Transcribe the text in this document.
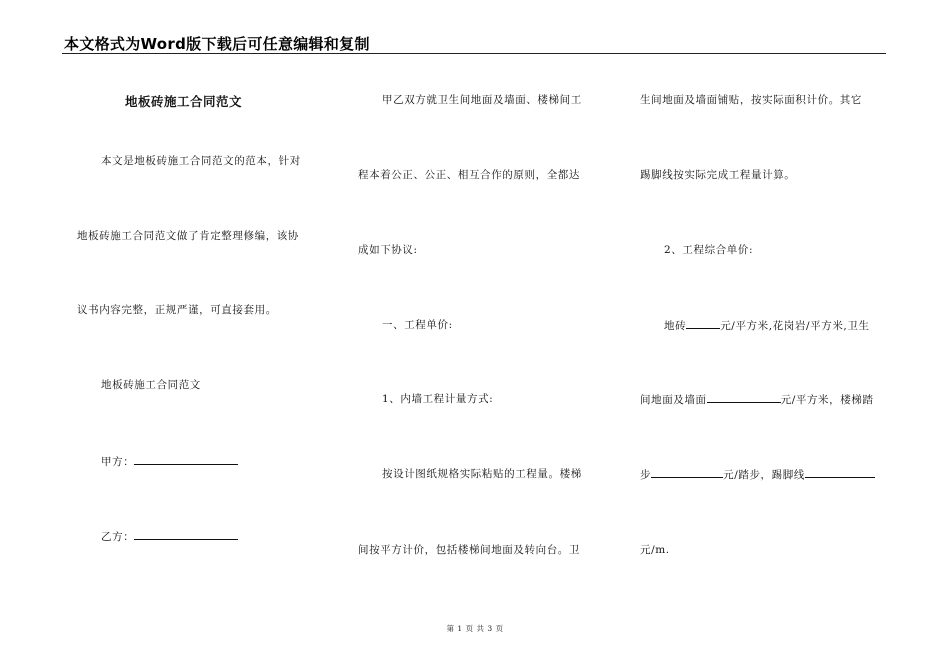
本文格式为Word版下载后可任意编辑和复制
地板砖施工合同范文
本文是地板砖施工合同范文的范本，针对
地板砖施工合同范文做了肯定整理修编，该协
议书内容完整，正规严谨，可直接套用。
地板砖施工合同范文
甲方：
乙方：
甲乙双方就卫生间地面及墙面、楼梯间工
程本着公正、公正、相互合作的原则，全都达
成如下协议:
一、工程单价:
1、内墙工程计量方式:
按设计图纸规格实际粘贴的工程量。楼梯
间按平方计价，包括楼梯间地面及转向台。卫
生间地面及墙面铺贴，按实际面积计价。其它
踢脚线按实际完成工程量计算。
2、工程综合单价:
地砖	元/平方米,花岗岩/平方米,卫生
间地面及墙面	元/平方米，楼梯踏
步	元/踏步，踢脚线
元/m.
第 1 页 共 3 页
